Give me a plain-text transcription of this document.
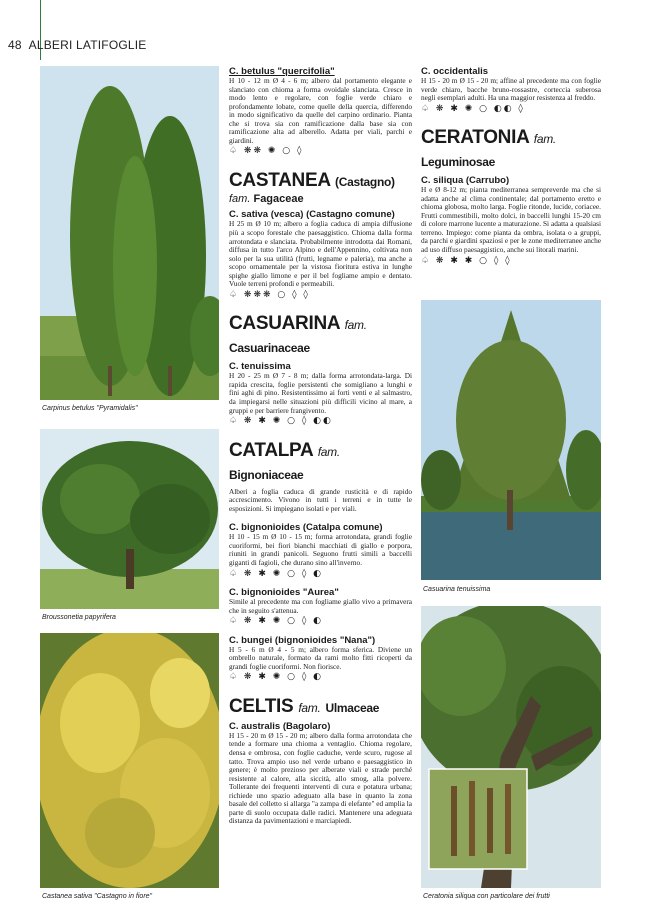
48 ALBERI LATIFOGLIE
Carpinus betulus "Pyramidalis"
Broussonetia papyrifera
Castanea sativa "Castagno in fiore"
Casuarina tenuissima
Ceratonia siliqua con particolare dei frutti
C. betulus "quercifolia"

H 10 - 12 m Ø 4 - 6 m; albero dal portamento elegante e slanciato con chioma a forma ovoidale slanciata. Cresce in modo lento e regolare, con foglie verde chiaro e profondamente lobate, come quelle della quercia, differendo in modo significativo da quelle del carpino ordinario. Pianta che si trova sia con ramificazione dalla base sia con ramificazione alta ad alberello. Adatta per viali, parchi e giardini.

♤ ❋❋ ✺ ○ ◊
CASTANEA (Castagno)
fam. Fagaceae
C. sativa (vesca) (Castagno comune)

H 25 m Ø 10 m; albero a foglia caduca di ampia diffusione più a scopo forestale che paesaggistico. Chioma dalla forma arrotondata e slanciata. Probabilmente introdotta dai Romani, diffusa in tutto l'arco Alpino e dell'Appennino, coltivata non solo per la sua utilità (frutti, legname e paleria), ma anche a scopo ornamentale per la vistosa fioritura estiva in lunghe spighe giallo limone e per il bel fogliame ampio e dentato. Vuole terreni profondi e permeabili.

♤ ❋❋❋ ○ ◊ ◊
CASUARINA fam. Casuarinaceae
C. tenuissima

H 20 - 25 m Ø 7 - 8 m; dalla forma arrotondata-larga. Di rapida crescita, foglie persistenti che somigliano a lunghi e fini aghi di pino. Resistentissimo ai forti venti e al salmastro, da impiegarsi nelle situazioni più difficili vicino al mare, a gruppi e per barriere frangivento.

♤ ❋ ✱ ✺ ○ ◊ ◐◐
CATALPA fam. Bignoniaceae

Alberi a foglia caduca di grande rusticità e di rapido accrescimento. Vivono in tutti i terreni e in tutte le esposizioni. Si impiegano isolati e per viali.

C. bignonioides (Catalpa comune)

H 10 - 15 m Ø 10 - 15 m; forma arrotondata, grandi foglie cuoriformi, bei fiori bianchi macchiati di giallo e porpora, riuniti in grandi panicoli. Seguono frutti simili a baccelli giganti di fagioli, che durano sino all'inverno.

♤ ❋ ✱ ✺ ○ ◊ ◐
C. bignonioides "Aurea"

Simile al precedente ma con fogliame giallo vivo a primavera che in seguito s'attenua.

♤ ❋ ✱ ✺ ○ ◊ ◐
C. bungei (bignonioides "Nana")

H 5 - 6 m Ø 4 - 5 m; albero forma sferica. Diviene un ombrello naturale, formato da rami molto fitti ricoperti da grandi foglie cuoriformi. Non fiorisce.

♤ ❋ ✱ ✺ ○ ◊ ◐
CELTIS fam. Ulmaceae
C. australis (Bagolaro)

H 15 - 20 m Ø 15 - 20 m; albero dalla forma arrotondata che tende a formare una chioma a ventaglio. Chioma regolare, densa e ombrosa, con foglie caduche, verde scuro, rugose al tatto. Trova ampio uso nel verde urbano e paesaggistico in genere; è molto prezioso per alberate viali e strade perché resistente al calore, alla siccità, allo smog, alla polvere. Tollerante dei frequenti interventi di cura e potatura urbana; richiede uno spazio adeguato alla base in quanto la zona basale del colletto si allarga "a zampa di elefante" ed amplia la parte di suolo occupata dalle radici. Mantenere una adeguata distanza da pavimentazioni e marciapiedi.

C. occidentalis

H 15 - 20 m Ø 15 - 20 m; affine al precedente ma con foglie verde chiaro, bacche bruno-rossastre, corteccia suberosa negli esemplari adulti. Ha una maggior resistenza al freddo.

♤ ❋ ✱ ✺ ○ ◐◐ ◊
CERATONIA fam. Leguminosae
C. siliqua (Carrubo)

H e Ø 8-12 m; pianta mediterranea sempreverde ma che si adatta anche al clima continentale; dal portamento eretto e chioma globosa, molto larga. Foglie ritonde, lucide, coriacee. Frutti commestibili, molto dolci, in baccelli lunghi 15-20 cm di colore marrone lucente a maturazione. Si adatta a qualsiasi terreno. Impiego: come pianta da ombra, isolata o a gruppi, da parchi e giardini spaziosi e per le zone mediterranee anche ad uso diffuso paesaggistico, anche sui litorali marini.

♤ ❋ ✱ ✱ ○ ◊ ◊
